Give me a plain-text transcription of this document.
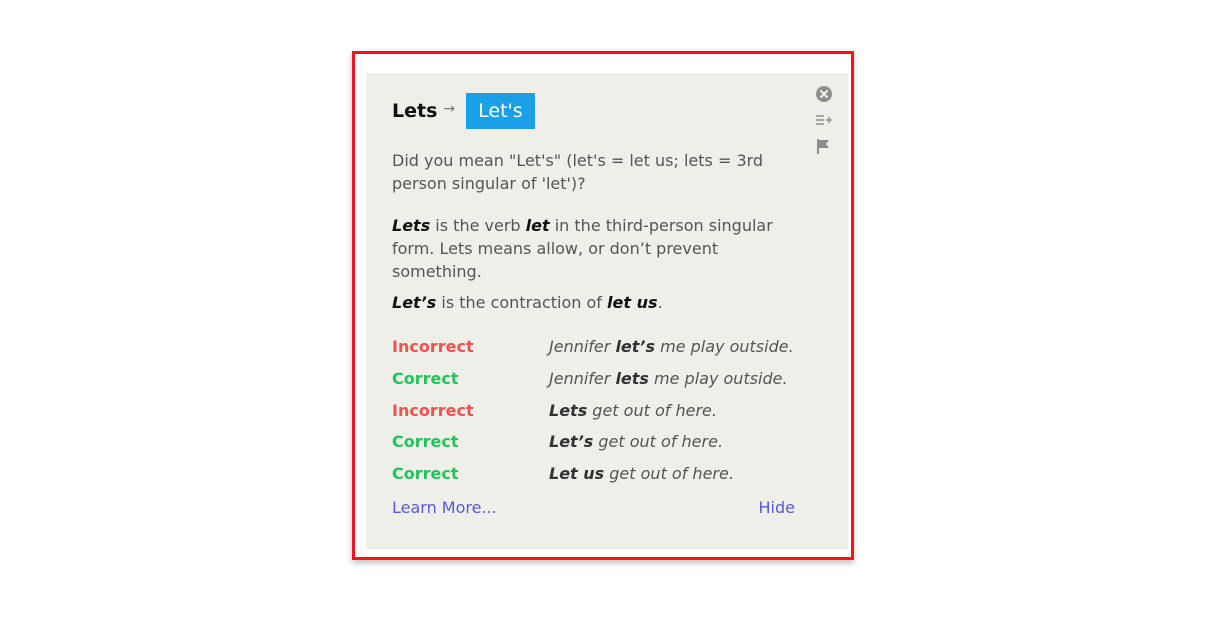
Lets →	Let's

Did you mean "Let's" (let's = let us; lets = 3rd person singular of 'let')?

Lets is the verb let in the third-person singular form. Lets means allow, or don’t prevent something.

Let’s is the contraction of let us.

Incorrect	Jennifer let’s me play outside.
Correct	Jennifer lets me play outside.
Incorrect	Lets get out of here.
Correct	Let’s get out of here.
Correct	Let us get out of here.
Learn More...	Hide
